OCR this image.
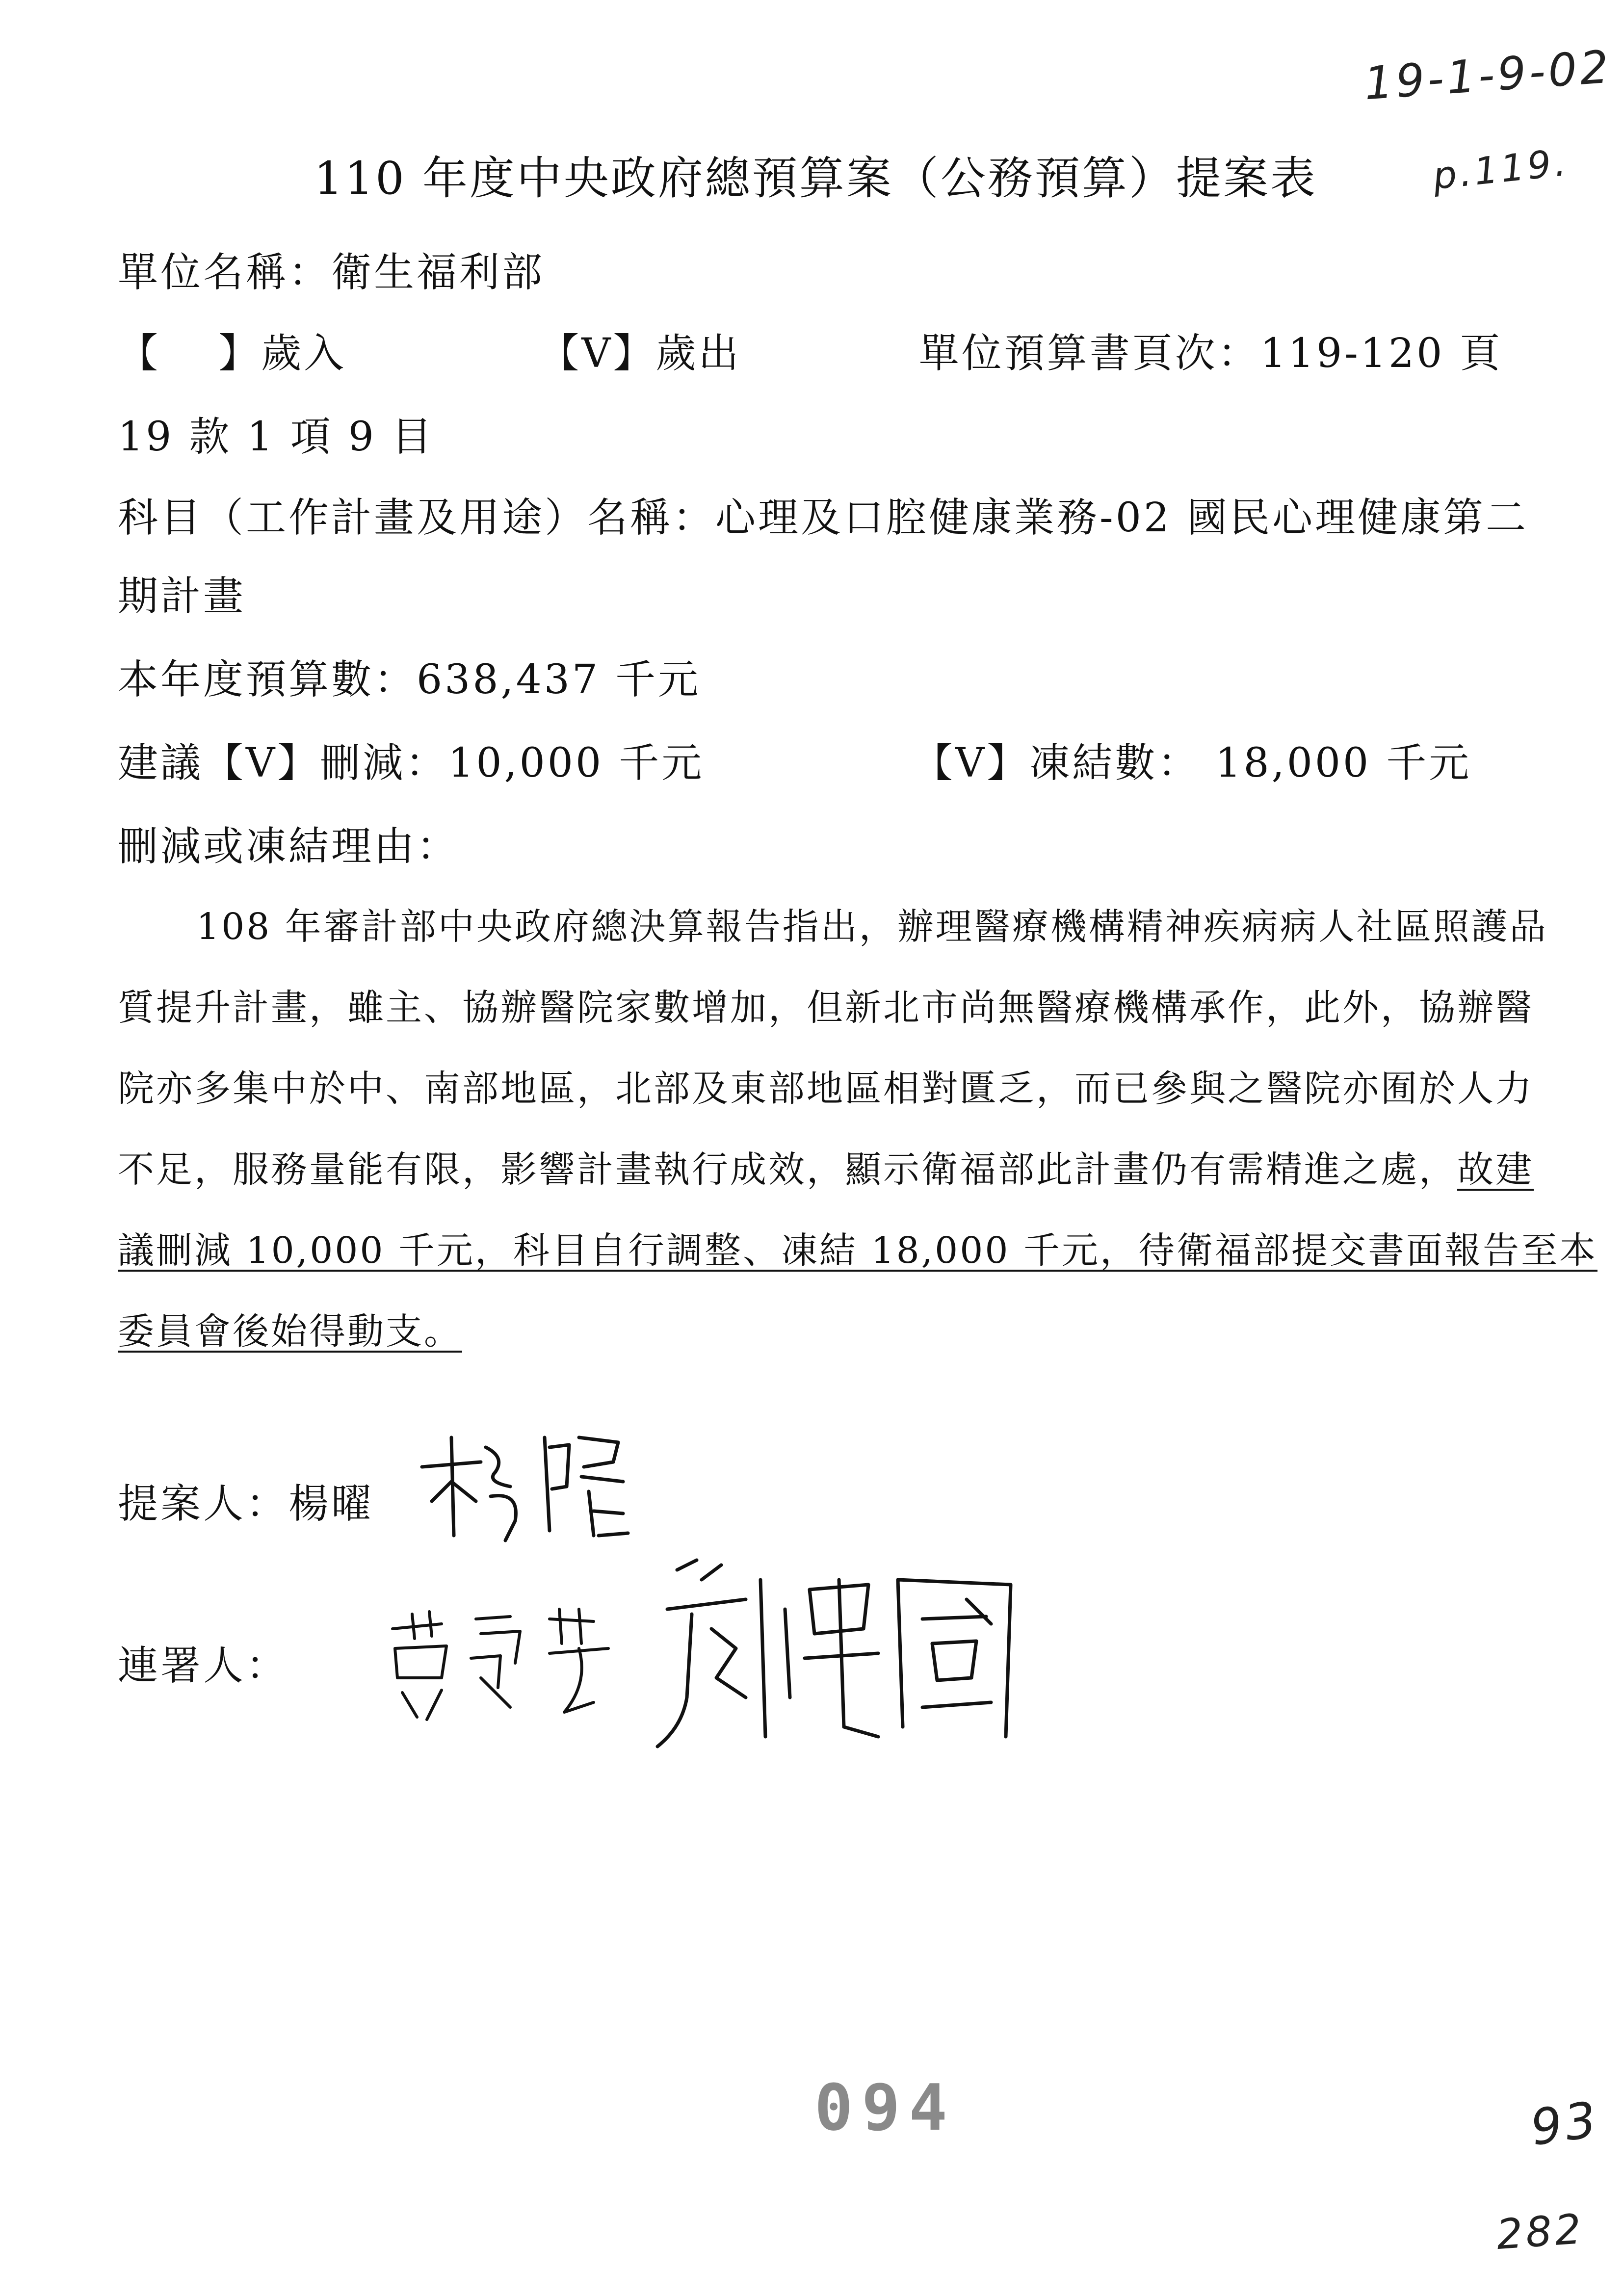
19-1-9-02
p.119.
110 年度中央政府總預算案（公務預算）提案表
單位名稱：衛生福利部
【　 】歲入	【V】歲出	單位預算書頁次：119-120 頁
19 款 1 項 9 目
科目（工作計畫及用途）名稱：心理及口腔健康業務-02 國民心理健康第二
期計畫
本年度預算數：638,437 千元
建議【V】刪減：10,000 千元	【V】凍結數： 18,000 千元
刪減或凍結理由：
108 年審計部中央政府總決算報告指出，辦理醫療機構精神疾病病人社區照護品
質提升計畫，雖主、協辦醫院家數增加，但新北市尚無醫療機構承作，此外，協辦醫
院亦多集中於中、南部地區，北部及東部地區相對匱乏，而已參與之醫院亦囿於人力
不足，服務量能有限，影響計畫執行成效，顯示衛福部此計畫仍有需精進之處，故建
議刪減 10,000 千元，科目自行調整、凍結 18,000 千元，待衛福部提交書面報告至本
委員會後始得動支。
提案人：楊曜
連署人：
094	93
282
